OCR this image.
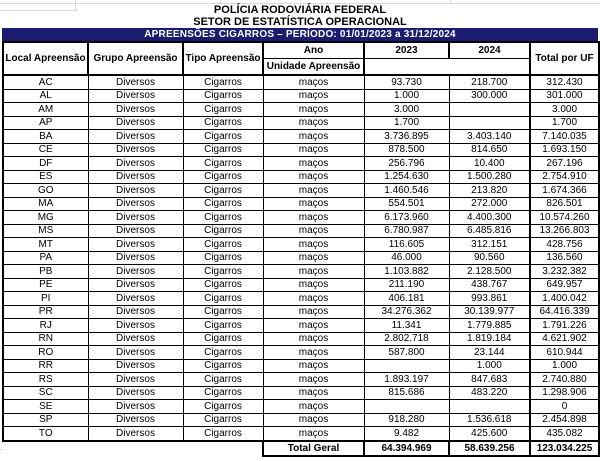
POLÍCIA RODOVIÁRIA FEDERAL
SETOR DE ESTATÍSTICA OPERACIONAL
APREENSÕES CIGARROS – PERÍODO: 01/01/2023 a 31/12/2024
Local Apreensão	Grupo Apreensão	Tipo Apreensão	Ano	2023	2024	Total por UF
			Unidade Apreensão			
AC	Diversos	Cigarros	maços	93.730	218.700	312.430
AL	Diversos	Cigarros	maços	1.000	300.000	301.000
AM	Diversos	Cigarros	maços	3.000		3.000
AP	Diversos	Cigarros	maços	1.700		1.700
BA	Diversos	Cigarros	maços	3.736.895	3.403.140	7.140.035
CE	Diversos	Cigarros	maços	878.500	814.650	1.693.150
DF	Diversos	Cigarros	maços	256.796	10.400	267.196
ES	Diversos	Cigarros	maços	1.254.630	1.500.280	2.754.910
GO	Diversos	Cigarros	maços	1.460.546	213.820	1.674.366
MA	Diversos	Cigarros	maços	554.501	272.000	826.501
MG	Diversos	Cigarros	maços	6.173.960	4.400.300	10.574.260
MS	Diversos	Cigarros	maços	6.780.987	6.485.816	13.266.803
MT	Diversos	Cigarros	maços	116.605	312.151	428.756
PA	Diversos	Cigarros	maços	46.000	90.560	136.560
PB	Diversos	Cigarros	maços	1.103.882	2.128.500	3.232.382
PE	Diversos	Cigarros	maços	211.190	438.767	649.957
PI	Diversos	Cigarros	maços	406.181	993.861	1.400.042
PR	Diversos	Cigarros	maços	34.276.362	30.139.977	64.416.339
RJ	Diversos	Cigarros	maços	11.341	1.779.885	1.791.226
RN	Diversos	Cigarros	maços	2.802.718	1.819.184	4.621.902
RO	Diversos	Cigarros	maços	587.800	23.144	610.944
RR	Diversos	Cigarros	maços		1.000	1.000
RS	Diversos	Cigarros	maços	1.893.197	847.683	2.740.880
SC	Diversos	Cigarros	maços	815.686	483.220	1.298.906
SE	Diversos	Cigarros	maços			0
SP	Diversos	Cigarros	maços	918.280	1.536.618	2.454.898
TO	Diversos	Cigarros	maços	9.482	425.600	435.082
			Total Geral	64.394.969	58.639.256	123.034.225
